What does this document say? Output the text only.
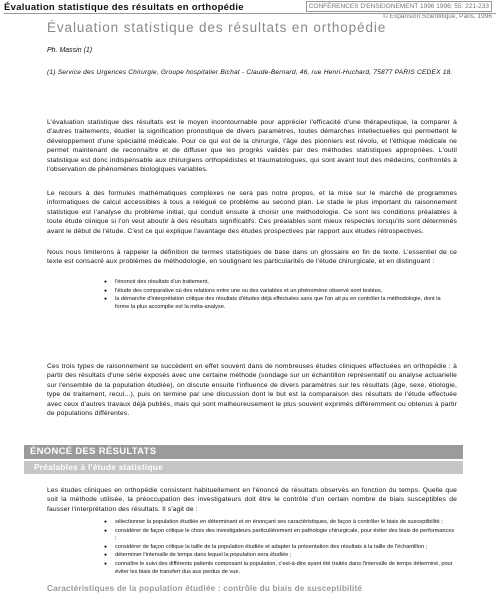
Évaluation statistique des résultats en orthopédie	CONFÉRENCES D'ENSEIGNEMENT 1996 1996; 55: 221-233
© Expansion Scientifique, Paris, 1996
Évaluation statistique des résultats en orthopédie
Ph. Massin (1)
(1) Service des Urgences Chirurgie, Groupe hospitalier Bichat - Claude-Bernard, 46, rue Henri-Huchard, 75877 PARIS CEDEX 18.
L'évaluation statistique des résultats est le moyen incontournable pour apprécier l'efficacité d'une thérapeutique, la comparer à d'autres traitements, étudier la signification pronostique de divers paramètres, toutes démarches intellectuelles qui permettent le développement d'une spécialité médicale. Pour ce qui est de la chirurgie, l'âge des pionniers est révolu, et l'éthique médicale ne permet maintenant de reconnaître et de diffuser que les progrès validés par des méthodes statistiques appropriées. L'outil statistique est donc indispensable aux chirurgiens orthopédistes et traumatologues, qui sont avant tout des médecins, confrontés à l'observation de phénomènes biologiques variables.
Le recours à des formules mathématiques complexes ne sera pas notre propos, et la mise sur le marché de programmes informatiques de calcul accessibles à tous a relégué ce problème au second plan. Le stade le plus important du raisonnement statistique est l'analyse du problème initial, qui conduit ensuite à choisir une méthodologie. Ce sont les conditions préalables à toute étude clinique si l'on veut aboutir à des résultats significatifs. Ces préalables sont mieux respectés lorsqu'ils sont déterminés avant le début de l'étude. C'est ce qui explique l'avantage des études prospectives par rapport aux études rétrospectives.
Nous nous limiterons à rappeler la définition de termes statistiques de base dans un glossaire en fin de texte. L'essentiel de ce texte est consacré aux problèmes de méthodologie, en soulignant les particularités de l'étude chirurgicale, et en distinguant :
● l'énoncé des résultats d'un traitement,
● l'étude des comparative où des relations entre une ou des variables et un phénomène observé sont testées,
● la démarche d'interprétation critique des résultats d'études déjà effectuées sans que l'on ait pu en contrôler la méthodologie, dont la forme la plus accomplie est la méta-analyse.
Ces trois types de raisonnement se succèdent en effet souvent dans de nombreuses études cliniques effectuées en orthopédie : à partir des résultats d'une série exposés avec une certaine méthode (sondage sur un échantillon représentatif ou analyse actuarielle sur l'ensemble de la population étudiée), on discute ensuite l'influence de divers paramètres sur les résultats (âge, sexe, étiologie, type de traitement, recul...), puis on termine par une discussion dont le but est la comparaison des résultats de l'étude effectuée avec ceux d'autres travaux déjà publiés, mais qui sont malheureusement le plus souvent exprimés différemment ou obtenus à partir de populations différentes.
ÉNONCÉ DES RÉSULTATS
Préalables à l'étude statistique
Les études cliniques en orthopédie consistent habituellement en l'énoncé de résultats observés en fonction du temps. Quelle que soit la méthode utilisée, la préoccupation des investigateurs doit être le contrôle d'un certain nombre de biais susceptibles de fausser l'interprétation des résultats. Il s'agit de :
● sélectionner la population étudiée en déterminant et en énonçant ses caractéristiques, de façon à contrôler le biais de susceptibilité ;
● considérer de façon critique le choix des investigateurs particulièrement en pathologie chirurgicale, pour éviter des biais de performances ;
● considérer de façon critique la taille de la population étudiée et adapter la présentation des résultats à la taille de l'échantillon ;
● déterminer l'intervalle de temps dans lequel la population sera étudiée ;
● connaître le suivi des différents patients composant la population, c'est-à-dire ayant été traités dans l'intervalle de temps déterminé, pour éviter les biais de transfert dus aux perdus de vue.
Caractéristiques de la population étudiée : contrôle du biais de susceptibilité
